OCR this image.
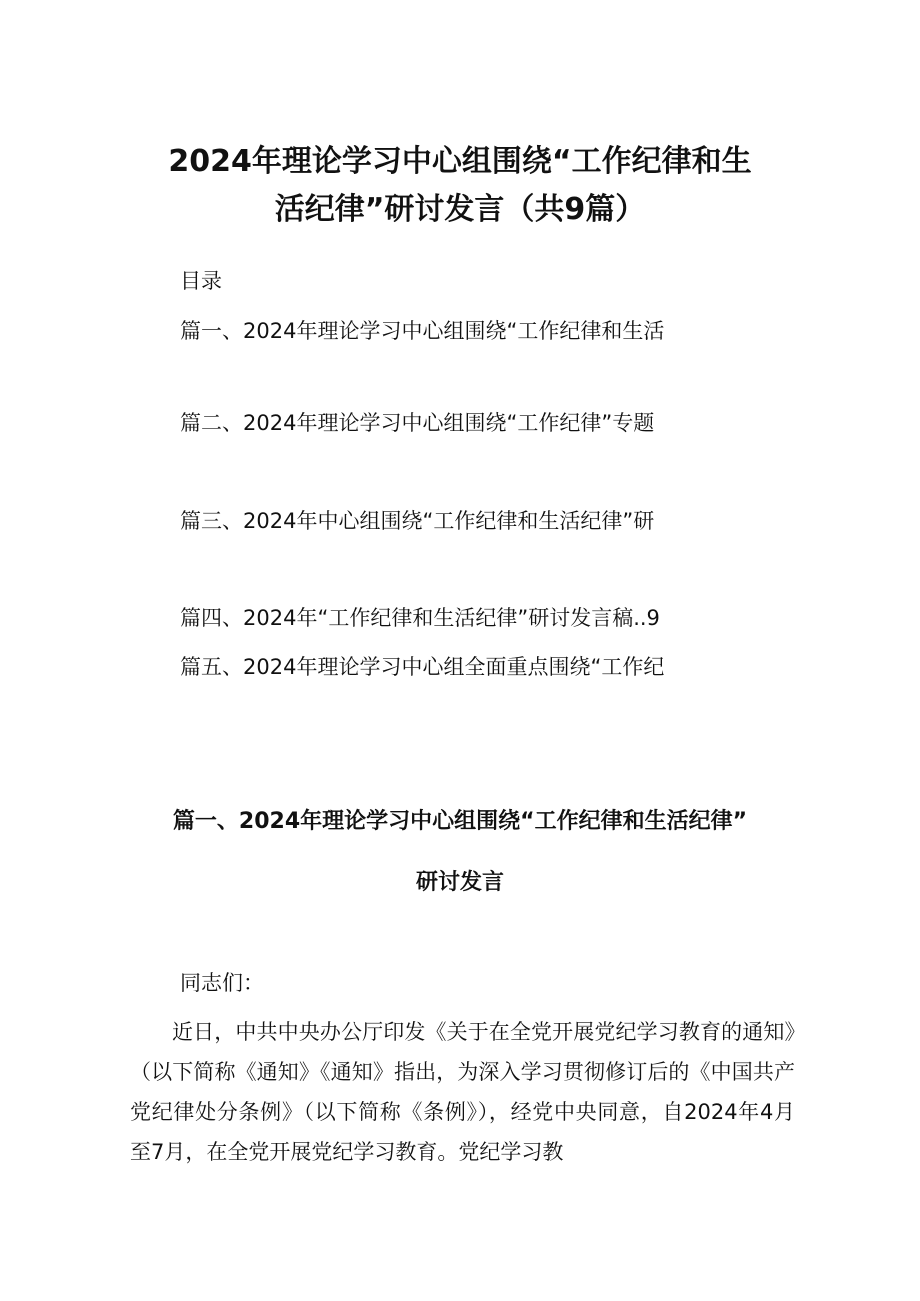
2024年理论学习中心组围绕“工作纪律和生
活纪律”研讨发言（共9篇）
目录
篇一、2024年理论学习中心组围绕“工作纪律和生活
篇二、2024年理论学习中心组围绕“工作纪律”专题
篇三、2024年中心组围绕“工作纪律和生活纪律”研
篇四、2024年“工作纪律和生活纪律”研讨发言稿..9
篇五、2024年理论学习中心组全面重点围绕“工作纪
篇一、2024年理论学习中心组围绕“工作纪律和生活纪律”
研讨发言
同志们：

近日，中共中央办公厅印发《关于在全党开展党纪学习教育的通知》（以下简称《通知》《通知》指出，为深入学习贯彻修订后的《中国共产党纪律处分条例》（以下简称《条例》），经党中央同意，自2024年4月至7月，在全党开展党纪学习教育。党纪学习教
